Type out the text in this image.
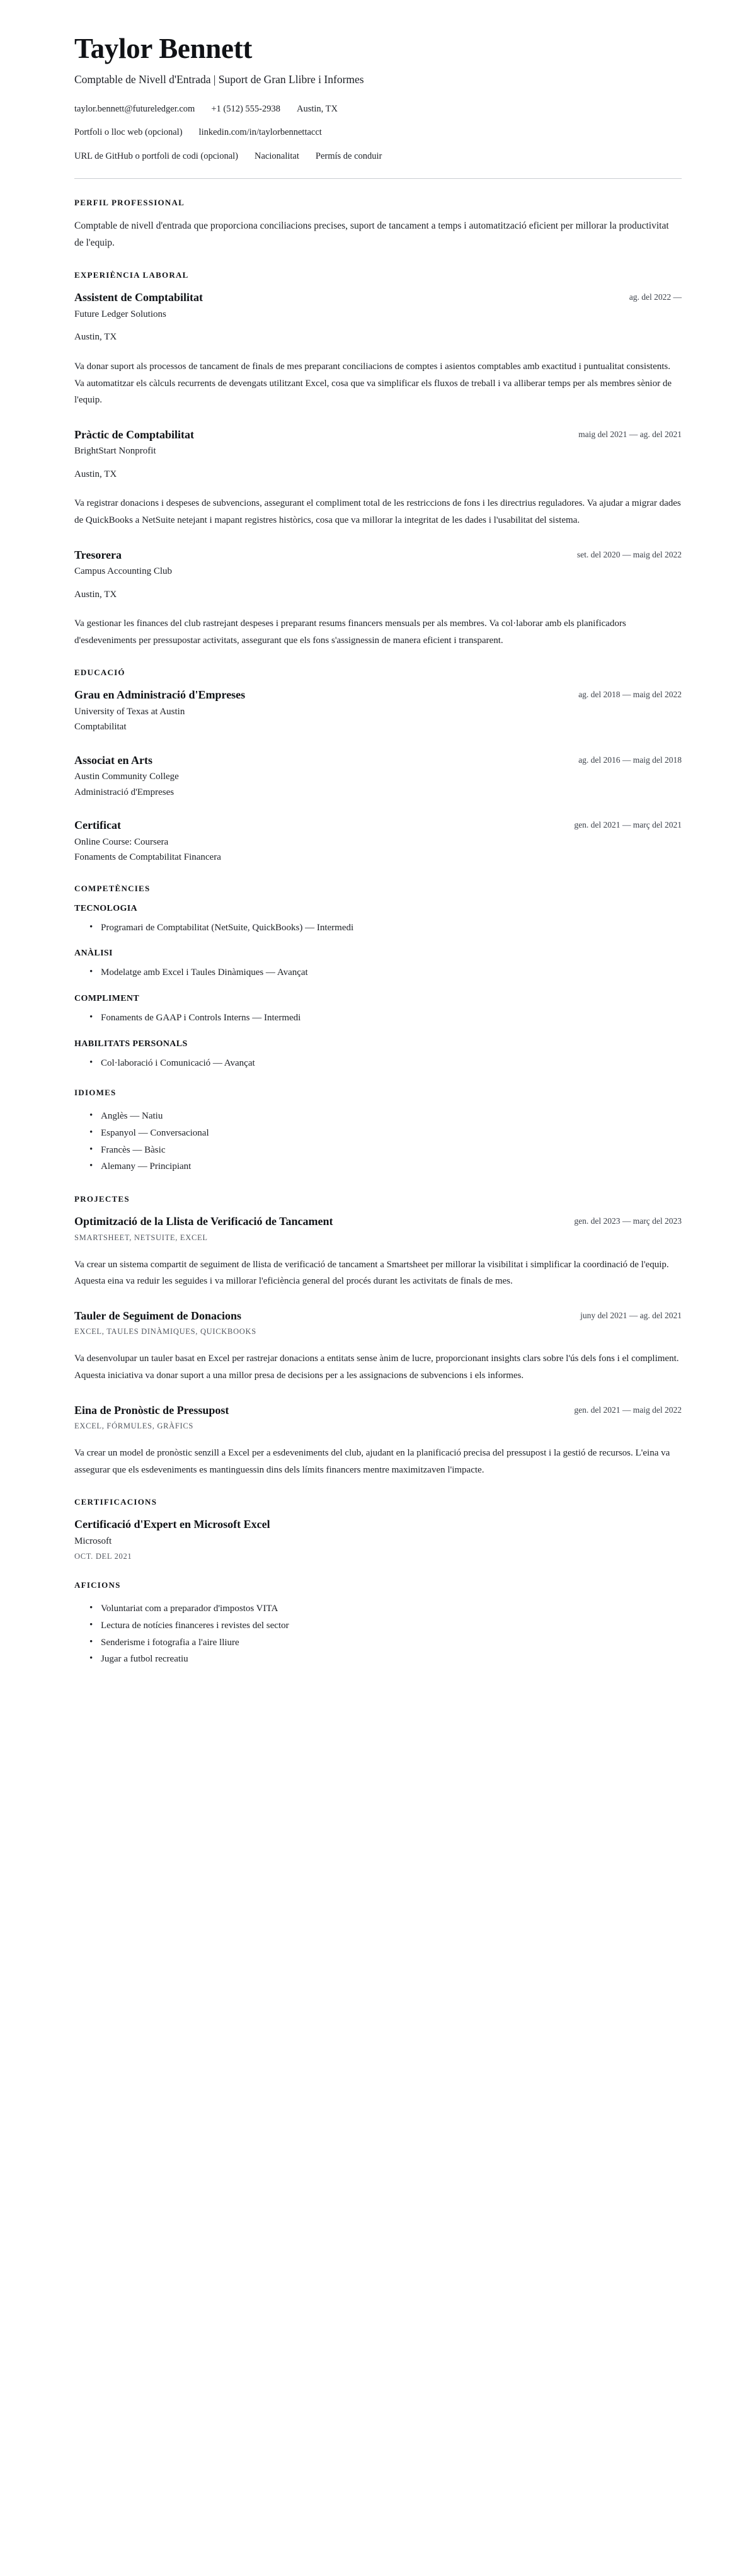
Taylor Bennett
Comptable de Nivell d'Entrada | Suport de Gran Llibre i Informes
taylor.bennett@futureledger.com +1 (512) 555-2938 Austin, TX
Portfoli o lloc web (opcional) linkedin.com/in/taylorbennettacct
URL de GitHub o portfoli de codi (opcional) Nacionalitat Permís de conduir
PERFIL PROFESSIONAL

Comptable de nivell d'entrada que proporciona conciliacions precises, suport de tancament a temps i automatització eficient per millorar la productivitat de l'equip.

EXPERIÈNCIA LABORAL
Assistent de Comptabilitat	ag. del 2022 —
Future Ledger Solutions
Austin, TX

Va donar suport als processos de tancament de finals de mes preparant conciliacions de comptes i asientos comptables amb exactitud i puntualitat consistents. Va automatitzar els càlculs recurrents de devengats utilitzant Excel, cosa que va simplificar els fluxos de treball i va alliberar temps per als membres sènior de l'equip.

Pràctic de Comptabilitat	maig del 2021 — ag. del 2021
BrightStart Nonprofit
Austin, TX

Va registrar donacions i despeses de subvencions, assegurant el compliment total de les restriccions de fons i les directrius reguladores. Va ajudar a migrar dades de QuickBooks a NetSuite netejant i mapant registres històrics, cosa que va millorar la integritat de les dades i l'usabilitat del sistema.

Tresorera	set. del 2020 — maig del 2022
Campus Accounting Club
Austin, TX

Va gestionar les finances del club rastrejant despeses i preparant resums financers mensuals per als membres. Va col·laborar amb els planificadors d'esdeveniments per pressupostar activitats, assegurant que els fons s'assignessin de manera eficient i transparent.

EDUCACIÓ
Grau en Administració d'Empreses	ag. del 2018 — maig del 2022
University of Texas at Austin
Comptabilitat
Associat en Arts	ag. del 2016 — maig del 2018
Austin Community College
Administració d'Empreses
Certificat	gen. del 2021 — març del 2021
Online Course: Coursera
Fonaments de Comptabilitat Financera
COMPETÈNCIES
TECNOLOGIA
• Programari de Comptabilitat (NetSuite, QuickBooks) — Intermedi
ANÀLISI
• Modelatge amb Excel i Taules Dinàmiques — Avançat
COMPLIMENT
• Fonaments de GAAP i Controls Interns — Intermedi
HABILITATS PERSONALS
• Col·laboració i Comunicació — Avançat
IDIOMES
• Anglès — Natiu
• Espanyol — Conversacional
• Francès — Bàsic
• Alemany — Principiant
PROJECTES
Optimització de la Llista de Verificació de Tancament	gen. del 2023 — març del 2023
SMARTSHEET, NETSUITE, EXCEL

Va crear un sistema compartit de seguiment de llista de verificació de tancament a Smartsheet per millorar la visibilitat i simplificar la coordinació de l'equip. Aquesta eina va reduir les seguides i va millorar l'eficiència general del procés durant les activitats de finals de mes.

Tauler de Seguiment de Donacions	juny del 2021 — ag. del 2021
EXCEL, TAULES DINÀMIQUES, QUICKBOOKS

Va desenvolupar un tauler basat en Excel per rastrejar donacions a entitats sense ànim de lucre, proporcionant insights clars sobre l'ús dels fons i el compliment. Aquesta iniciativa va donar suport a una millor presa de decisions per a les assignacions de subvencions i els informes.

Eina de Pronòstic de Pressupost	gen. del 2021 — maig del 2022
EXCEL, FÓRMULES, GRÀFICS

Va crear un model de pronòstic senzill a Excel per a esdeveniments del club, ajudant en la planificació precisa del pressupost i la gestió de recursos. L'eina va assegurar que els esdeveniments es mantinguessin dins dels límits financers mentre maximitzaven l'impacte.

CERTIFICACIONS
Certificació d'Expert en Microsoft Excel
Microsoft
OCT. DEL 2021
AFICIONS
• Voluntariat com a preparador d'impostos VITA
• Lectura de notícies financeres i revistes del sector
• Senderisme i fotografia a l'aire lliure
• Jugar a futbol recreatiu
